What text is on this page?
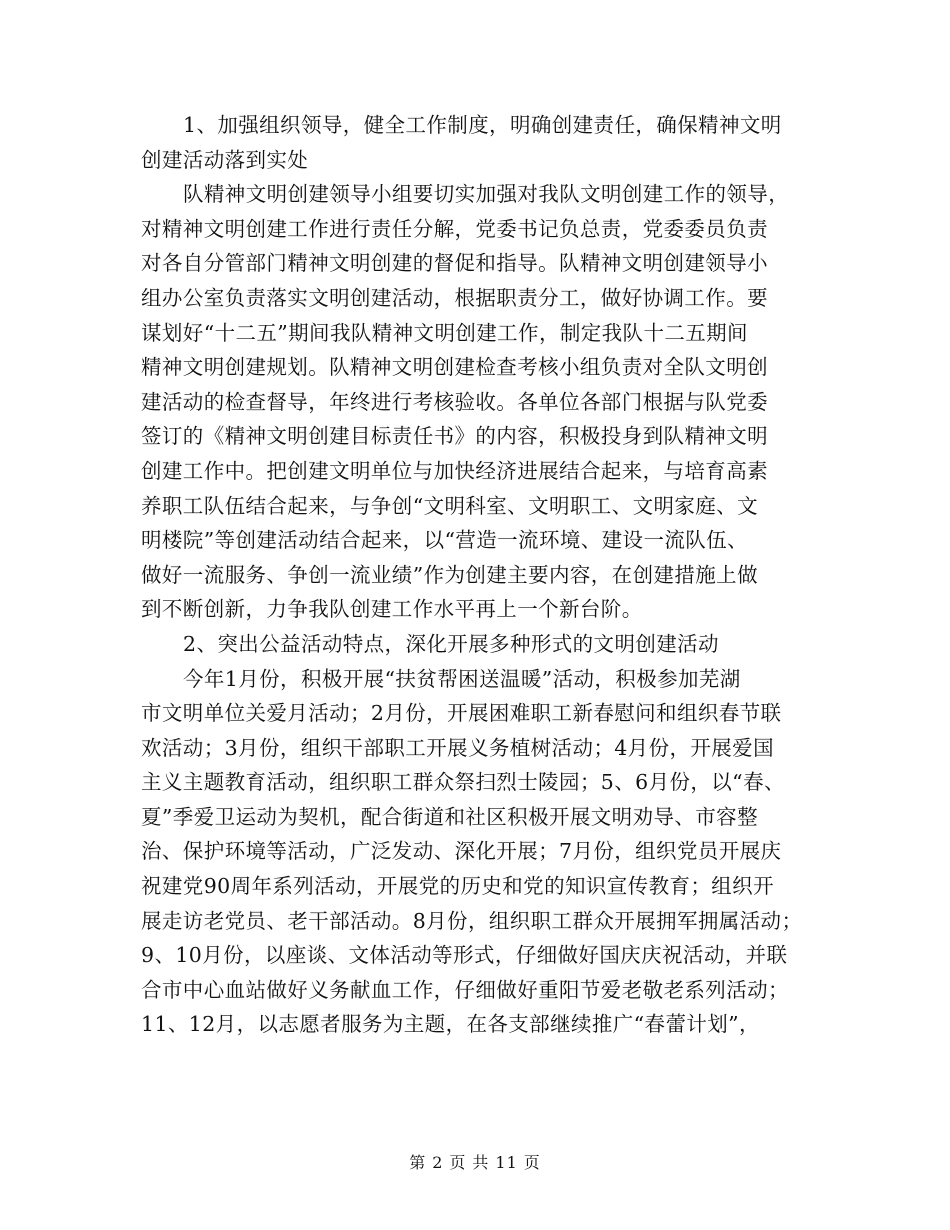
1、加强组织领导，健全工作制度，明确创建责任，确保精神文明
创建活动落到实处
队精神文明创建领导小组要切实加强对我队文明创建工作的领导，
对精神文明创建工作进行责任分解，党委书记负总责，党委委员负责
对各自分管部门精神文明创建的督促和指导。队精神文明创建领导小
组办公室负责落实文明创建活动，根据职责分工，做好协调工作。要
谋划好“十二五”期间我队精神文明创建工作，制定我队十二五期间
精神文明创建规划。队精神文明创建检查考核小组负责对全队文明创
建活动的检查督导，年终进行考核验收。各单位各部门根据与队党委
签订的《精神文明创建目标责任书》的内容，积极投身到队精神文明
创建工作中。把创建文明单位与加快经济进展结合起来，与培育高素
养职工队伍结合起来，与争创“文明科室、文明职工、文明家庭、文
明楼院”等创建活动结合起来，以“营造一流环境、建设一流队伍、
做好一流服务、争创一流业绩”作为创建主要内容，在创建措施上做
到不断创新，力争我队创建工作水平再上一个新台阶。
2、突出公益活动特点，深化开展多种形式的文明创建活动
今年1月份，积极开展“扶贫帮困送温暖”活动，积极参加芜湖
市文明单位关爱月活动；2月份，开展困难职工新春慰问和组织春节联
欢活动；3月份，组织干部职工开展义务植树活动；4月份，开展爱国
主义主题教育活动，组织职工群众祭扫烈士陵园；5、6月份，以“春、
夏”季爱卫运动为契机，配合街道和社区积极开展文明劝导、市容整
治、保护环境等活动，广泛发动、深化开展；7月份，组织党员开展庆
祝建党90周年系列活动，开展党的历史和党的知识宣传教育；组织开
展走访老党员、老干部活动。8月份，组织职工群众开展拥军拥属活动；
9、10月份，以座谈、文体活动等形式，仔细做好国庆庆祝活动，并联
合市中心血站做好义务献血工作，仔细做好重阳节爱老敬老系列活动；
11、12月，以志愿者服务为主题，在各支部继续推广“春蕾计划”，
第 2 页 共 11 页
